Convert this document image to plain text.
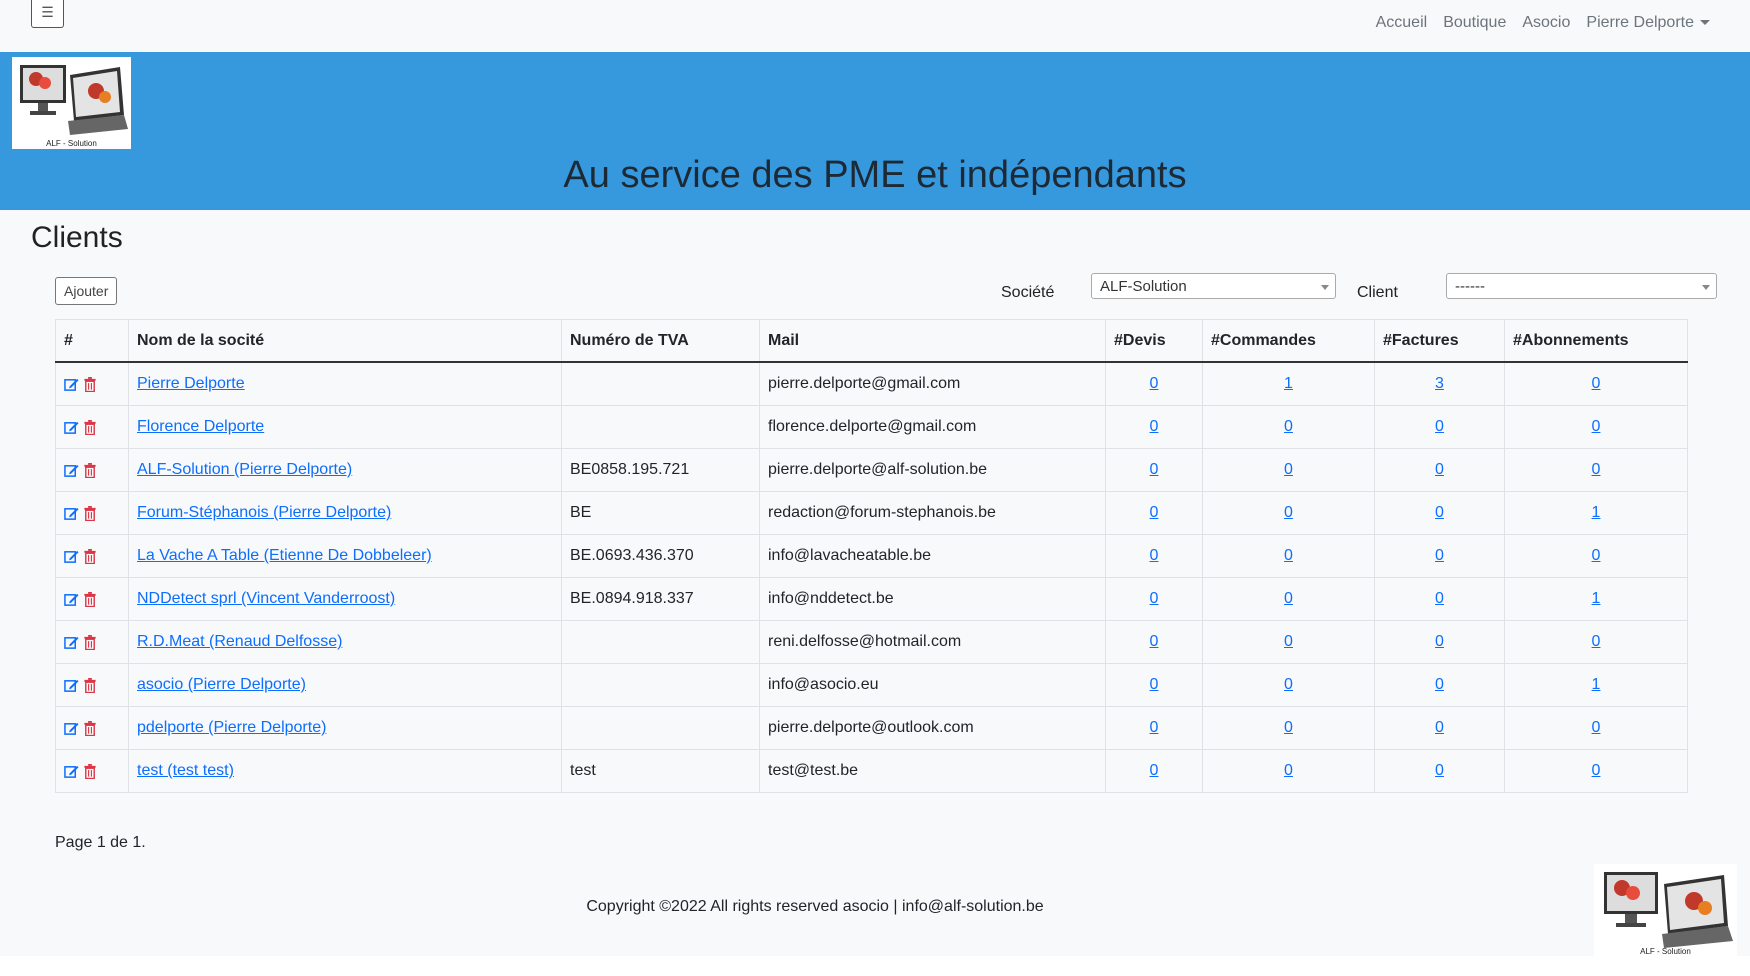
☰
Accueil Boutique Asocio Pierre Delporte
ALF - Solution
Au service des PME et indépendants
Clients
Ajouter	Société	ALF-Solution	Client	------
#	Nom de la socité	Numéro de TVA	Mail	#Devis	#Commandes	#Factures	#Abonnements

	Pierre Delporte		pierre.delporte@gmail.com	0	1	3	0

	Florence Delporte		florence.delporte@gmail.com	0	0	0	0

	ALF-Solution (Pierre Delporte)	BE0858.195.721	pierre.delporte@alf-solution.be	0	0	0	0

	Forum-Stéphanois (Pierre Delporte)	BE	redaction@forum-stephanois.be	0	0	0	1

	La Vache A Table (Etienne De Dobbeleer)	BE.0693.436.370	info@lavacheatable.be	0	0	0	0

	NDDetect sprl (Vincent Vanderroost)	BE.0894.918.337	info@nddetect.be	0	0	0	1

	R.D.Meat (Renaud Delfosse)		reni.delfosse@hotmail.com	0	0	0	0

	asocio (Pierre Delporte)		info@asocio.eu	0	0	0	1

	pdelporte (Pierre Delporte)		pierre.delporte@outlook.com	0	0	0	0

	test (test test)	test	test@test.be	0	0	0	0
Page 1 de 1.
Copyright ©2022 All rights reserved asocio | info@alf-solution.be
ALF - Solution
